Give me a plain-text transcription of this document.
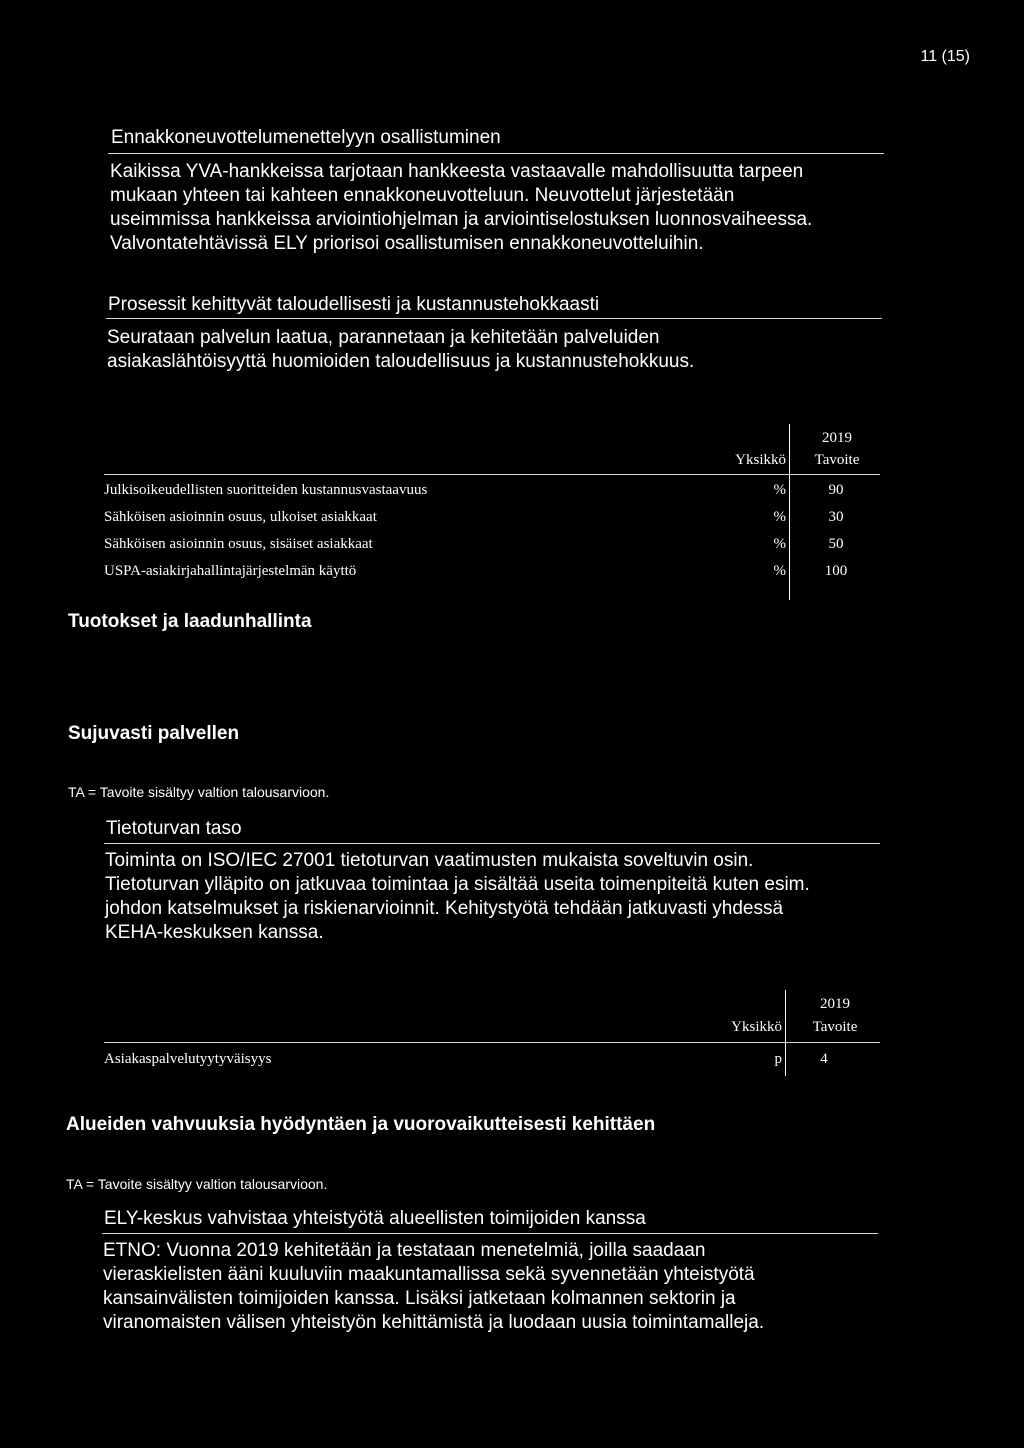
11 (15)
Ennakkoneuvottelumenettelyyn osallistuminen

Kaikissa YVA-hankkeissa tarjotaan hankkeesta vastaavalle mahdollisuutta tarpeen

mukaan yhteen tai kahteen ennakkoneuvotteluun. Neuvottelut järjestetään

useimmissa hankkeissa arviointiohjelman ja arviointiselostuksen luonnosvaiheessa.

Valvontatehtävissä ELY priorisoi osallistumisen ennakkoneuvotteluihin.

Prosessit kehittyvät taloudellisesti ja kustannustehokkaasti

Seurataan palvelun laatua, parannetaan ja kehitetään palveluiden

asiakaslähtöisyyttä huomioiden taloudellisuus ja kustannustehokkuus.

2019
Yksikkö	Tavoite
Julkisoikeudellisten suoritteiden kustannusvastaavuus	%	90
Sähköisen asioinnin osuus, ulkoiset asiakkaat	%	30
Sähköisen asioinnin osuus, sisäiset asiakkaat	%	50
USPA-asiakirjahallintajärjestelmän käyttö	%	100
Tuotokset ja laadunhallinta
Sujuvasti palvellen
TA = Tavoite sisältyy valtion talousarvioon.
Tietoturvan taso

Toiminta on ISO/IEC 27001 tietoturvan vaatimusten mukaista soveltuvin osin.

Tietoturvan ylläpito on jatkuvaa toimintaa ja sisältää useita toimenpiteitä kuten esim.

johdon katselmukset ja riskienarvioinnit. Kehitystyötä tehdään jatkuvasti yhdessä

KEHA-keskuksen kanssa.

2019
Yksikkö	Tavoite
Asiakaspalvelutyytyväisyys	p	4
Alueiden vahvuuksia hyödyntäen ja vuorovaikutteisesti kehittäen
TA = Tavoite sisältyy valtion talousarvioon.
ELY-keskus vahvistaa yhteistyötä alueellisten toimijoiden kanssa

ETNO: Vuonna 2019 kehitetään ja testataan menetelmiä, joilla saadaan

vieraskielisten ääni kuuluviin maakuntamallissa sekä syvennetään yhteistyötä

kansainvälisten toimijoiden kanssa. Lisäksi jatketaan kolmannen sektorin ja

viranomaisten välisen yhteistyön kehittämistä ja luodaan uusia toimintamalleja.
